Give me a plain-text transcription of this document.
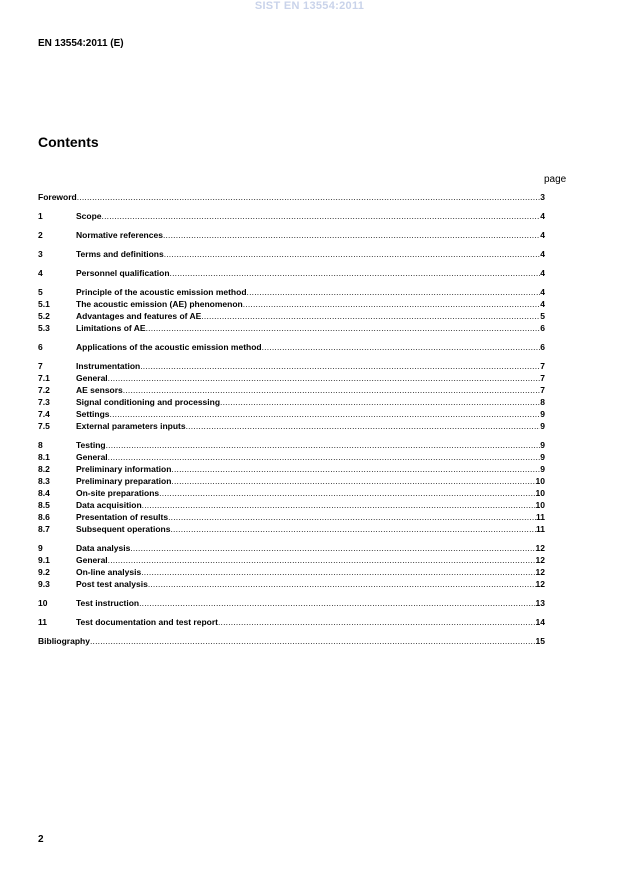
SIST EN 13554:2011
EN 13554:2011 (E)
Contents
page
Foreword .....	3
1	Scope .....	4
2	Normative references .....	4
3	Terms and definitions .....	4
4	Personnel qualification .....	4
5	Principle of the acoustic emission method .....	4
5.1	The acoustic emission (AE) phenomenon .....	4
5.2	Advantages and features of AE .....	5
5.3	Limitations of AE .....	6
6	Applications of the acoustic emission method .....	6
7	Instrumentation .....	7
7.1	General .....	7
7.2	AE sensors .....	7
7.3	Signal conditioning and processing .....	8
7.4	Settings .....	9
7.5	External parameters inputs .....	9
8	Testing .....	9
8.1	General .....	9
8.2	Preliminary information .....	9
8.3	Preliminary preparation .....	10
8.4	On-site preparations .....	10
8.5	Data acquisition .....	10
8.6	Presentation of results .....	11
8.7	Subsequent operations .....	11
9	Data analysis .....	12
9.1	General .....	12
9.2	On-line analysis .....	12
9.3	Post test analysis .....	12
10	Test instruction .....	13
11	Test documentation and test report .....	14
Bibliography .....	15
2
